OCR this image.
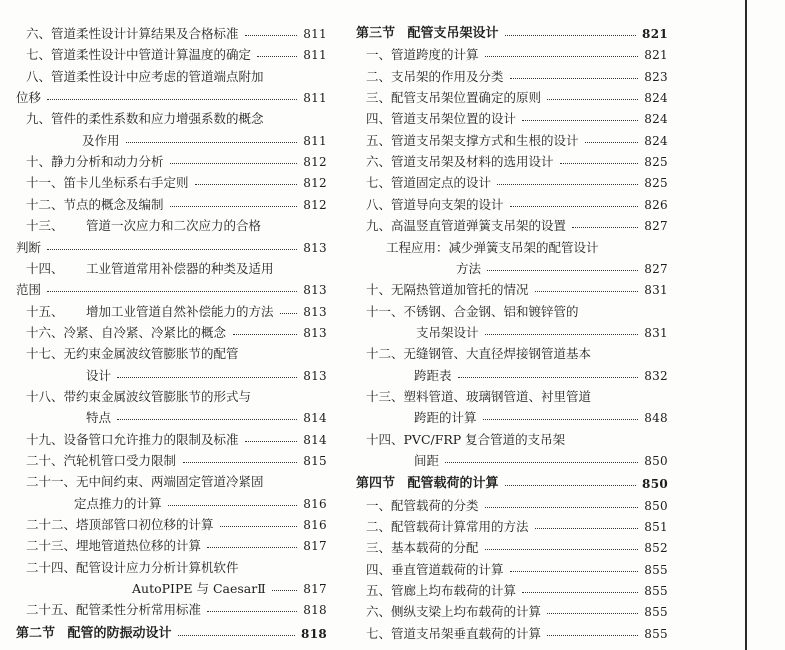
六、 管道柔性设计计算结果及合格标准	811
七、 管道柔性设计中管道计算温度的确定	811
八、 管道柔性设计中应考虑的管道端点附加
位移	811
九、 管件的柔性系数和应力增强系数的概念
及作用	811
十、 静力分析和动力分析	812
十一、 笛卡儿坐标系右手定则	812
十二、 节点的概念及编制	812
十三、 管道一次应力和二次应力的合格
判断	813
十四、 工业管道常用补偿器的种类及适用
范围	813
十五、 增加工业管道自然补偿能力的方法 813
十六、 冷紧、自冷紧、冷紧比的概念	813
十七、 无约束金属波纹管膨胀节的配管
设计	813
十八、 带约束金属波纹管膨胀节的形式与
特点	814
十九、 设备管口允许推力的限制及标准	814
二十、 汽轮机管口受力限制	815
二十一、 无中间约束、两端固定管道冷紧固
定点推力的计算	816
二十二、 塔顶部管口初位移的计算	816
二十三、 埋地管道热位移的计算	817
二十四、 配管设计应力分析计算机软件
AutoPIPE 与 CaesarⅡ	817
二十五、 配管柔性分析常用标准	818
第二节 配管的防振动设计	818
第三节 配管支吊架设计	821
一、 管道跨度的计算	821
二、 支吊架的作用及分类	823
三、 配管支吊架位置确定的原则	824
四、 管道支吊架位置的设计	824
五、 管道支吊架支撑方式和生根的设计	824
六、 管道支吊架及材料的选用设计	825
七、 管道固定点的设计	825
八、 管道导向支架的设计	826
九、 高温竖直管道弹簧支吊架的设置	827
工程应用：减少弹簧支吊架的配管设计
方法	827
十、 无隔热管道加管托的情况	831
十一、 不锈钢、合金钢、铝和镀锌管的
支吊架设计	831
十二、 无缝钢管、大直径焊接钢管道基本
跨距表	832
十三、 塑料管道、玻璃钢管道、衬里管道
跨距的计算	848
十四、 PVC/FRP 复合管道的支吊架
间距	850
第四节 配管载荷的计算	850
一、 配管载荷的分类	850
二、 配管载荷计算常用的方法	851
三、 基本载荷的分配	852
四、 垂直管道载荷的计算	855
五、 管廊上均布载荷的计算	855
六、 侧纵支梁上均布载荷的计算	855
七、 管道支吊架垂直载荷的计算	855
